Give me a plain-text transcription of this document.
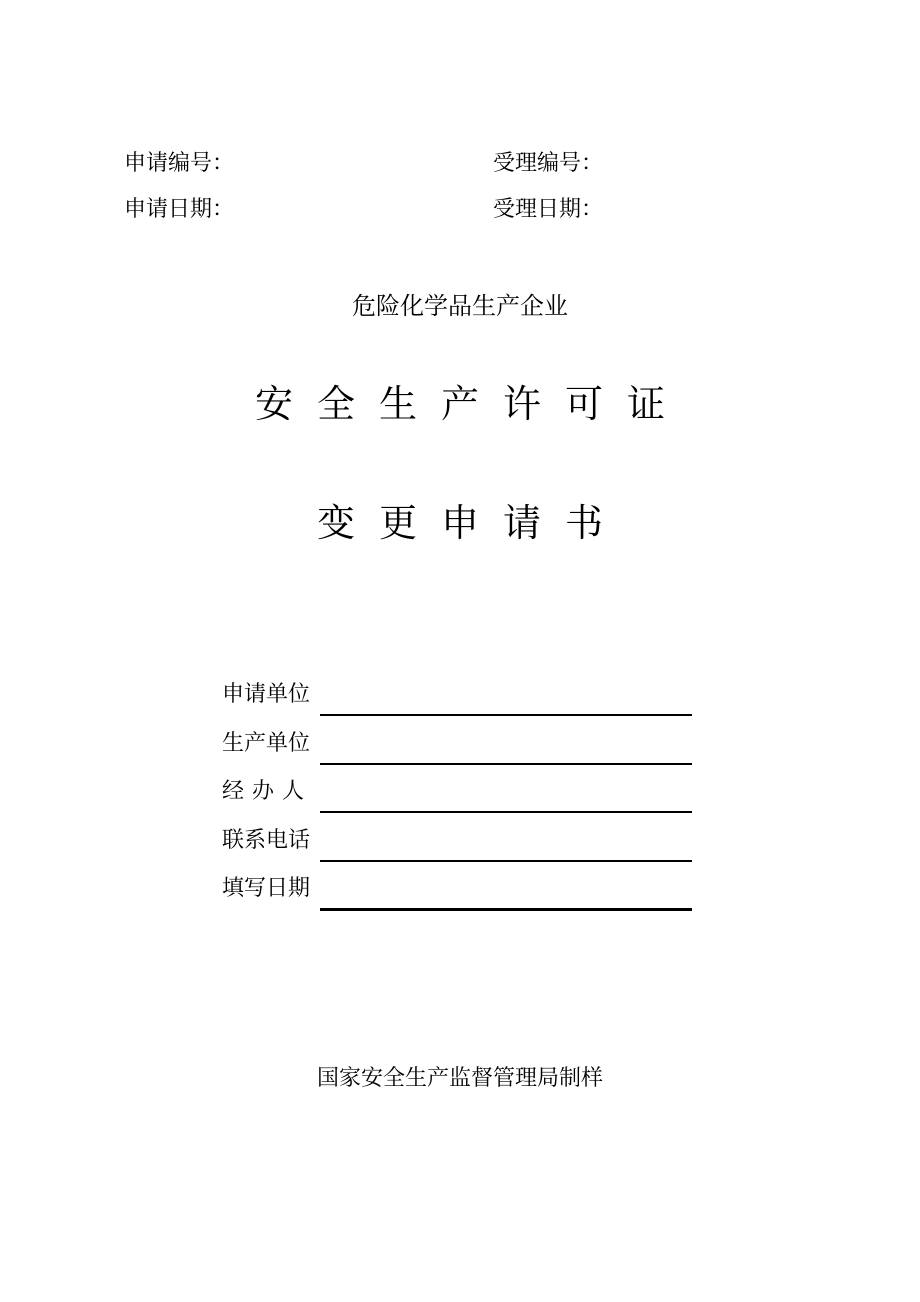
申请编号：
申请日期：
受理编号：
受理日期：
危险化学品生产企业
安全生产许可证
变更申请书
申请单位
生产单位
经办人
联系电话
填写日期
国家安全生产监督管理局制样
